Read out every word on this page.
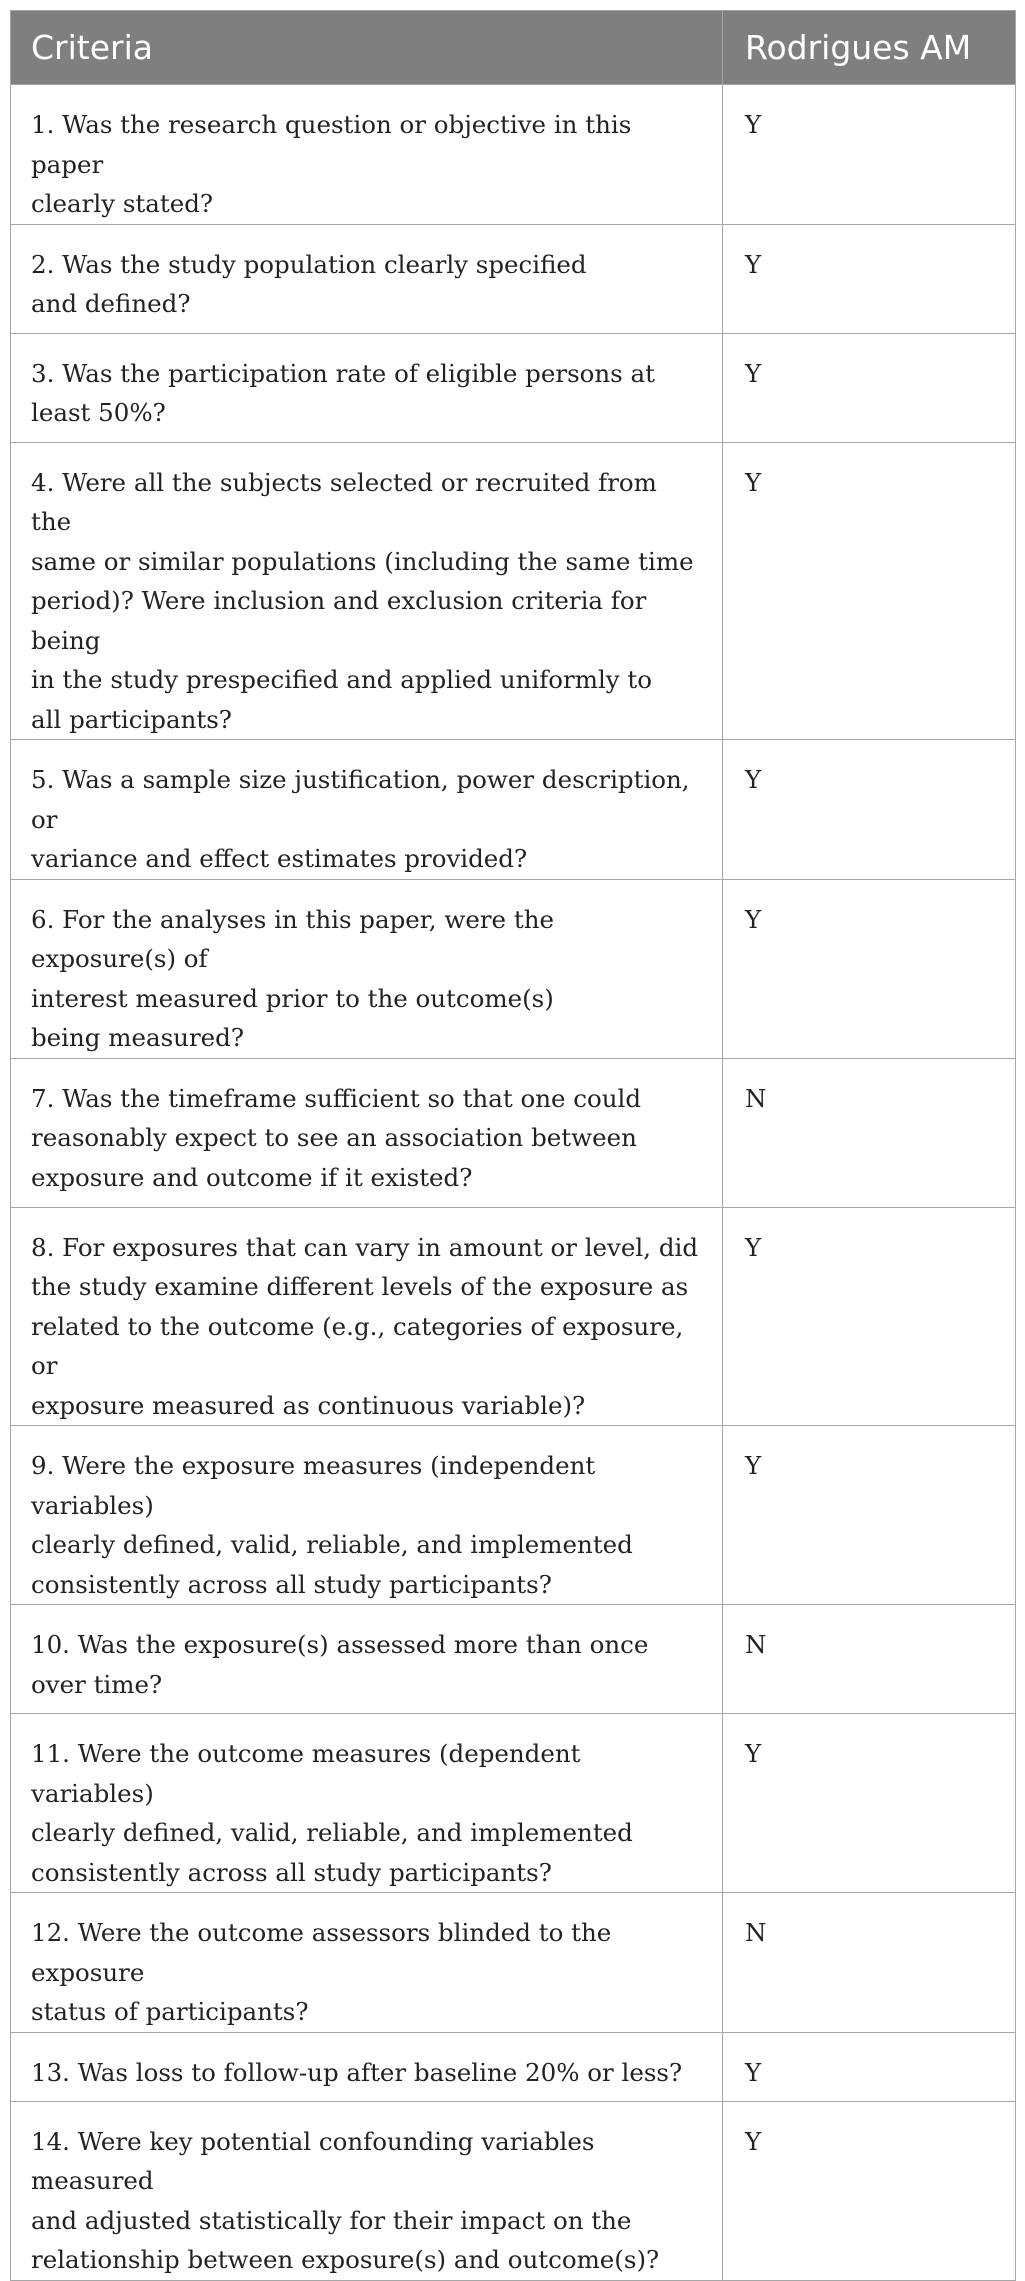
Criteria	Rodrigues AM
1. Was the research question or objective in this paper
clearly stated?	Y
2. Was the study population clearly specified
and defined?	Y
3. Was the participation rate of eligible persons at
least 50%?	Y
4. Were all the subjects selected or recruited from the
same or similar populations (including the same time
period)? Were inclusion and exclusion criteria for being
in the study prespecified and applied uniformly to
all participants?	Y
5. Was a sample size justification, power description, or
variance and effect estimates provided?	Y
6. For the analyses in this paper, were the exposure(s) of
interest measured prior to the outcome(s)
being measured?	Y
7. Was the timeframe sufficient so that one could
reasonably expect to see an association between
exposure and outcome if it existed?	N
8. For exposures that can vary in amount or level, did
the study examine different levels of the exposure as
related to the outcome (e.g., categories of exposure, or
exposure measured as continuous variable)?	Y
9. Were the exposure measures (independent variables)
clearly defined, valid, reliable, and implemented
consistently across all study participants?	Y
10. Was the exposure(s) assessed more than once
over time?	N
11. Were the outcome measures (dependent variables)
clearly defined, valid, reliable, and implemented
consistently across all study participants?	Y
12. Were the outcome assessors blinded to the exposure
status of participants?	N
13. Was loss to follow-up after baseline 20% or less?	Y
14. Were key potential confounding variables measured
and adjusted statistically for their impact on the
relationship between exposure(s) and outcome(s)?	Y
